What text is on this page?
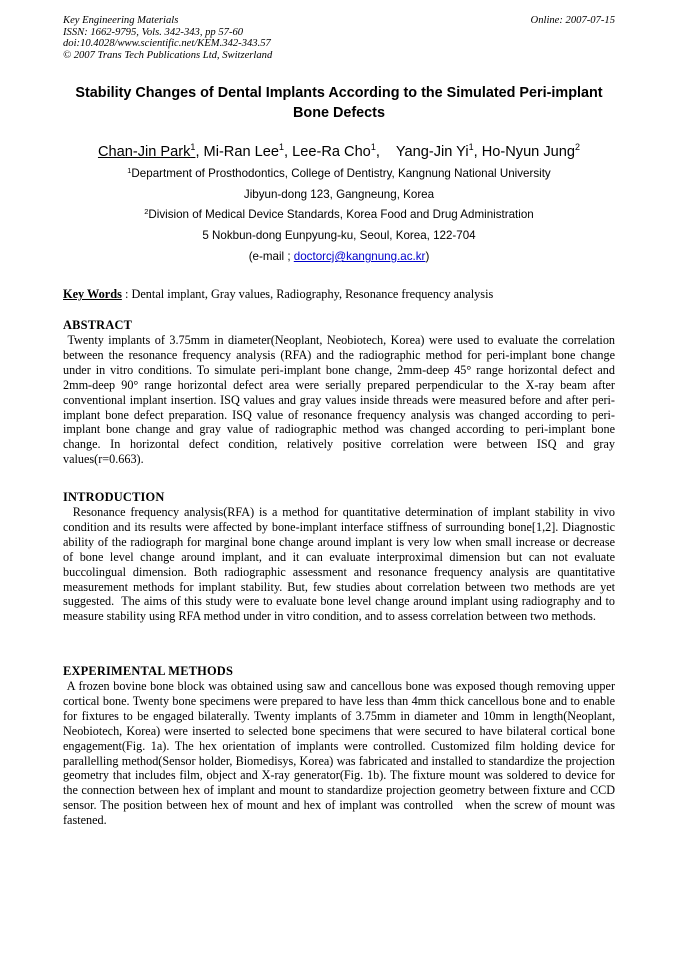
Key Engineering Materials
ISSN: 1662-9795, Vols. 342-343, pp 57-60
doi:10.4028/www.scientific.net/KEM.342-343.57
© 2007 Trans Tech Publications Ltd, Switzerland
Online: 2007-07-15
Stability Changes of Dental Implants According to the Simulated Peri-implant Bone Defects
Chan-Jin Park$^1$, Mi-Ran Lee$^1$, Lee-Ra Cho$^1$,    Yang-Jin Yi$^1$, Ho-Nyun Jung$^2$
$^1$Department of Prosthodontics, College of Dentistry, Kangnung National University
Jibyun-dong 123, Gangneung, Korea
$^2$Division of Medical Device Standards, Korea Food and Drug Administration
5 Nokbun-dong Eunpyung-ku, Seoul, Korea, 122-704
(e-mail ; doctorcj@kangnung.ac.kr)
Key Words : Dental implant, Gray values, Radiography, Resonance frequency analysis
ABSTRACT

Twenty implants of 3.75mm in diameter(Neoplant, Neobiotech, Korea) were used to evaluate the correlation between the resonance frequency analysis (RFA) and the radiographic method for peri-implant bone change under in vitro conditions. To simulate peri-implant bone change, 2mm-deep 45° range horizontal defect and 2mm-deep 90° range horizontal defect area were serially prepared perpendicular to the X-ray beam after conventional implant insertion. ISQ values and gray values inside threads were measured before and after peri-implant bone defect preparation. ISQ value of resonance frequency analysis was changed according to peri-implant bone change and gray value of radiographic method was changed according to peri-implant bone change. In horizontal defect condition, relatively positive correlation were between ISQ and gray values(r=0.663).

INTRODUCTION

Resonance frequency analysis(RFA) is a method for quantitative determination of implant stability in vivo condition and its results were affected by bone-implant interface stiffness of surrounding bone[1,2]. Diagnostic ability of the radiograph for marginal bone change around implant is very low when small increase or decrease of bone level change around implant, and it can evaluate interproximal dimension but can not evaluate buccolingual dimension. Both radiographic assessment and resonance frequency analysis are quantitative measurement methods for implant stability. But, few studies about correlation between two methods are yet suggested.  The aims of this study were to evaluate bone level change around implant using radiography and to measure stability using RFA method under in vitro condition, and to assess correlation between two methods.

EXPERIMENTAL METHODS

A frozen bovine bone block was obtained using saw and cancellous bone was exposed though removing upper cortical bone. Twenty bone specimens were prepared to have less than 4mm thick cancellous bone and to enable for fixtures to be engaged bilaterally. Twenty implants of 3.75mm in diameter and 10mm in length(Neoplant, Neobiotech, Korea) were inserted to selected bone specimens that were secured to have bilateral cortical bone engagement(Fig. 1a). The hex orientation of implants were controlled. Customized film holding device for parallelling method(Sensor holder, Biomedisys, Korea) was fabricated and installed to standardize the projection geometry that includes film, object and X-ray generator(Fig. 1b). The fixture mount was soldered to device for the connection between hex of implant and mount to standardize projection geometry between fixture and CCD sensor. The position between hex of mount and hex of implant was controlled   when the screw of mount was fastened.
